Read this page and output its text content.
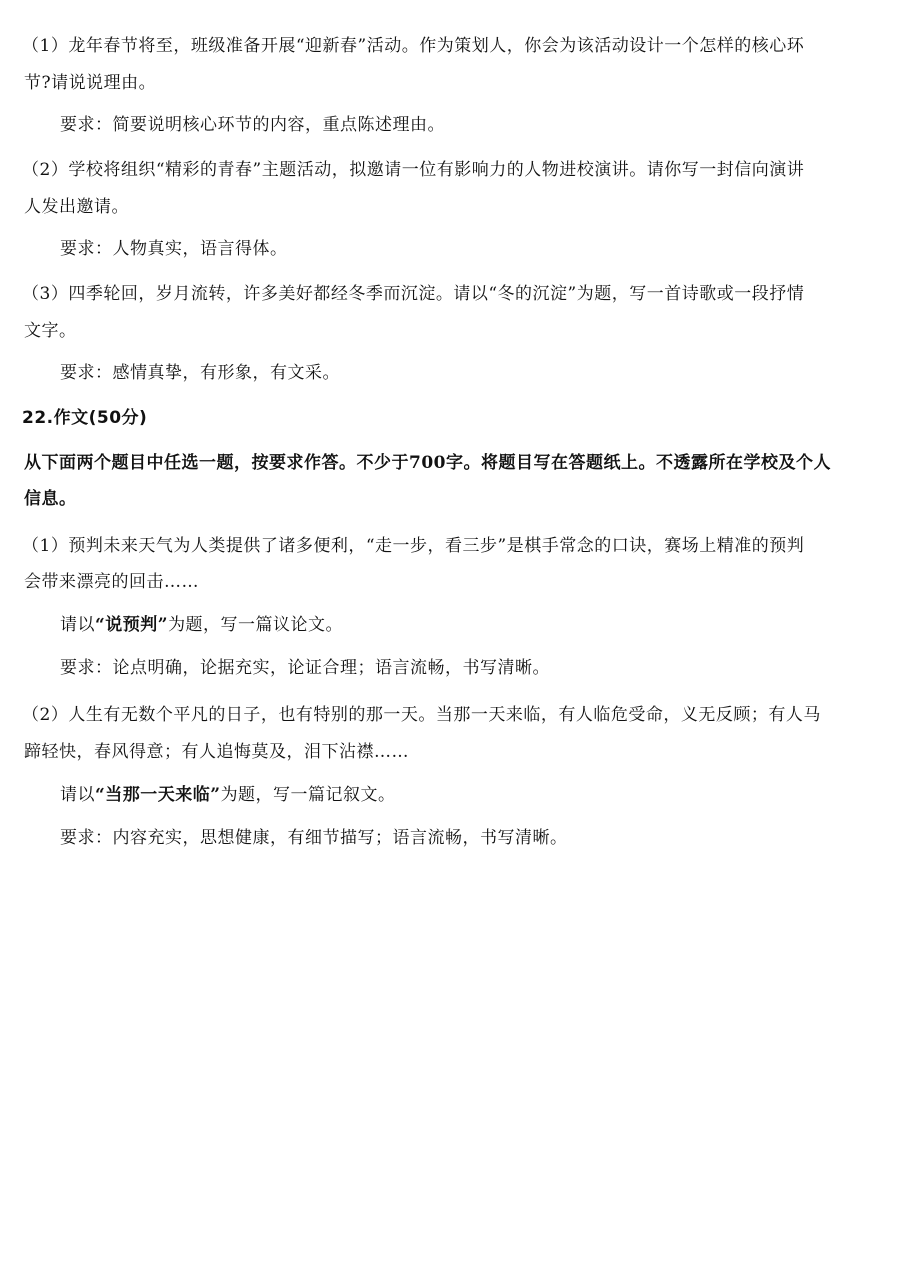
（1）龙年春节将至，班级准备开展“迎新春”活动。作为策划人，你会为该活动设计一个怎样的核心环
节?请说说理由。
要求：简要说明核心环节的内容，重点陈述理由。
（2）学校将组织“精彩的青春”主题活动，拟邀请一位有影响力的人物进校演讲。请你写一封信向演讲
人发出邀请。
要求：人物真实，语言得体。
（3）四季轮回，岁月流转，许多美好都经冬季而沉淀。请以“冬的沉淀”为题，写一首诗歌或一段抒情
文字。
要求：感情真挚，有形象，有文采。
22.作文(50分)
从下面两个题目中任选一题，按要求作答。不少于700字。将题目写在答题纸上。不透露所在学校及个人
信息。
（1）预判未来天气为人类提供了诸多便利，“走一步，看三步”是棋手常念的口诀，赛场上精准的预判
会带来漂亮的回击……
请以“说预判”为题，写一篇议论文。
要求：论点明确，论据充实，论证合理；语言流畅，书写清晰。
（2）人生有无数个平凡的日子，也有特别的那一天。当那一天来临，有人临危受命，义无反顾；有人马
蹄轻快，春风得意；有人追悔莫及，泪下沾襟……
请以“当那一天来临”为题，写一篇记叙文。
要求：内容充实，思想健康，有细节描写；语言流畅，书写清晰。
